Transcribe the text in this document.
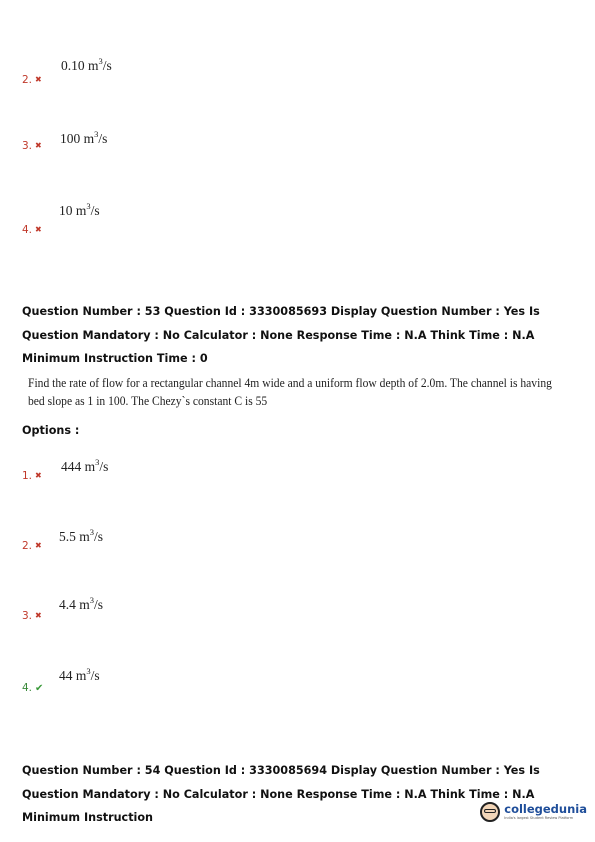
0.10 $m^3/s$
2. ✖
100 $m^3/s$
3. ✖
10 $m^3/s$
4. ✖

Question Number : 53 Question Id : 3330085693 Display Question Number : Yes Is Question Mandatory : No Calculator : None Response Time : N.A Think Time : N.A Minimum Instruction Time : 0

Find the rate of flow for a rectangular channel 4m wide and a uniform flow depth of 2.0m. The channel is having bed slope as 1 in 100. The Chezy`s constant C is 55

Options :
444 $m^3/s$
1. ✖
5.5 $m^3/s$
2. ✖
4.4 $m^3/s$
3. ✖
44 $m^3/s$
4. ✔

Question Number : 54 Question Id : 3330085694 Display Question Number : Yes Is Question Mandatory : No Calculator : None Response Time : N.A Think Time : N.A Minimum Instruction

collegedunia
India's largest Student Review Platform
